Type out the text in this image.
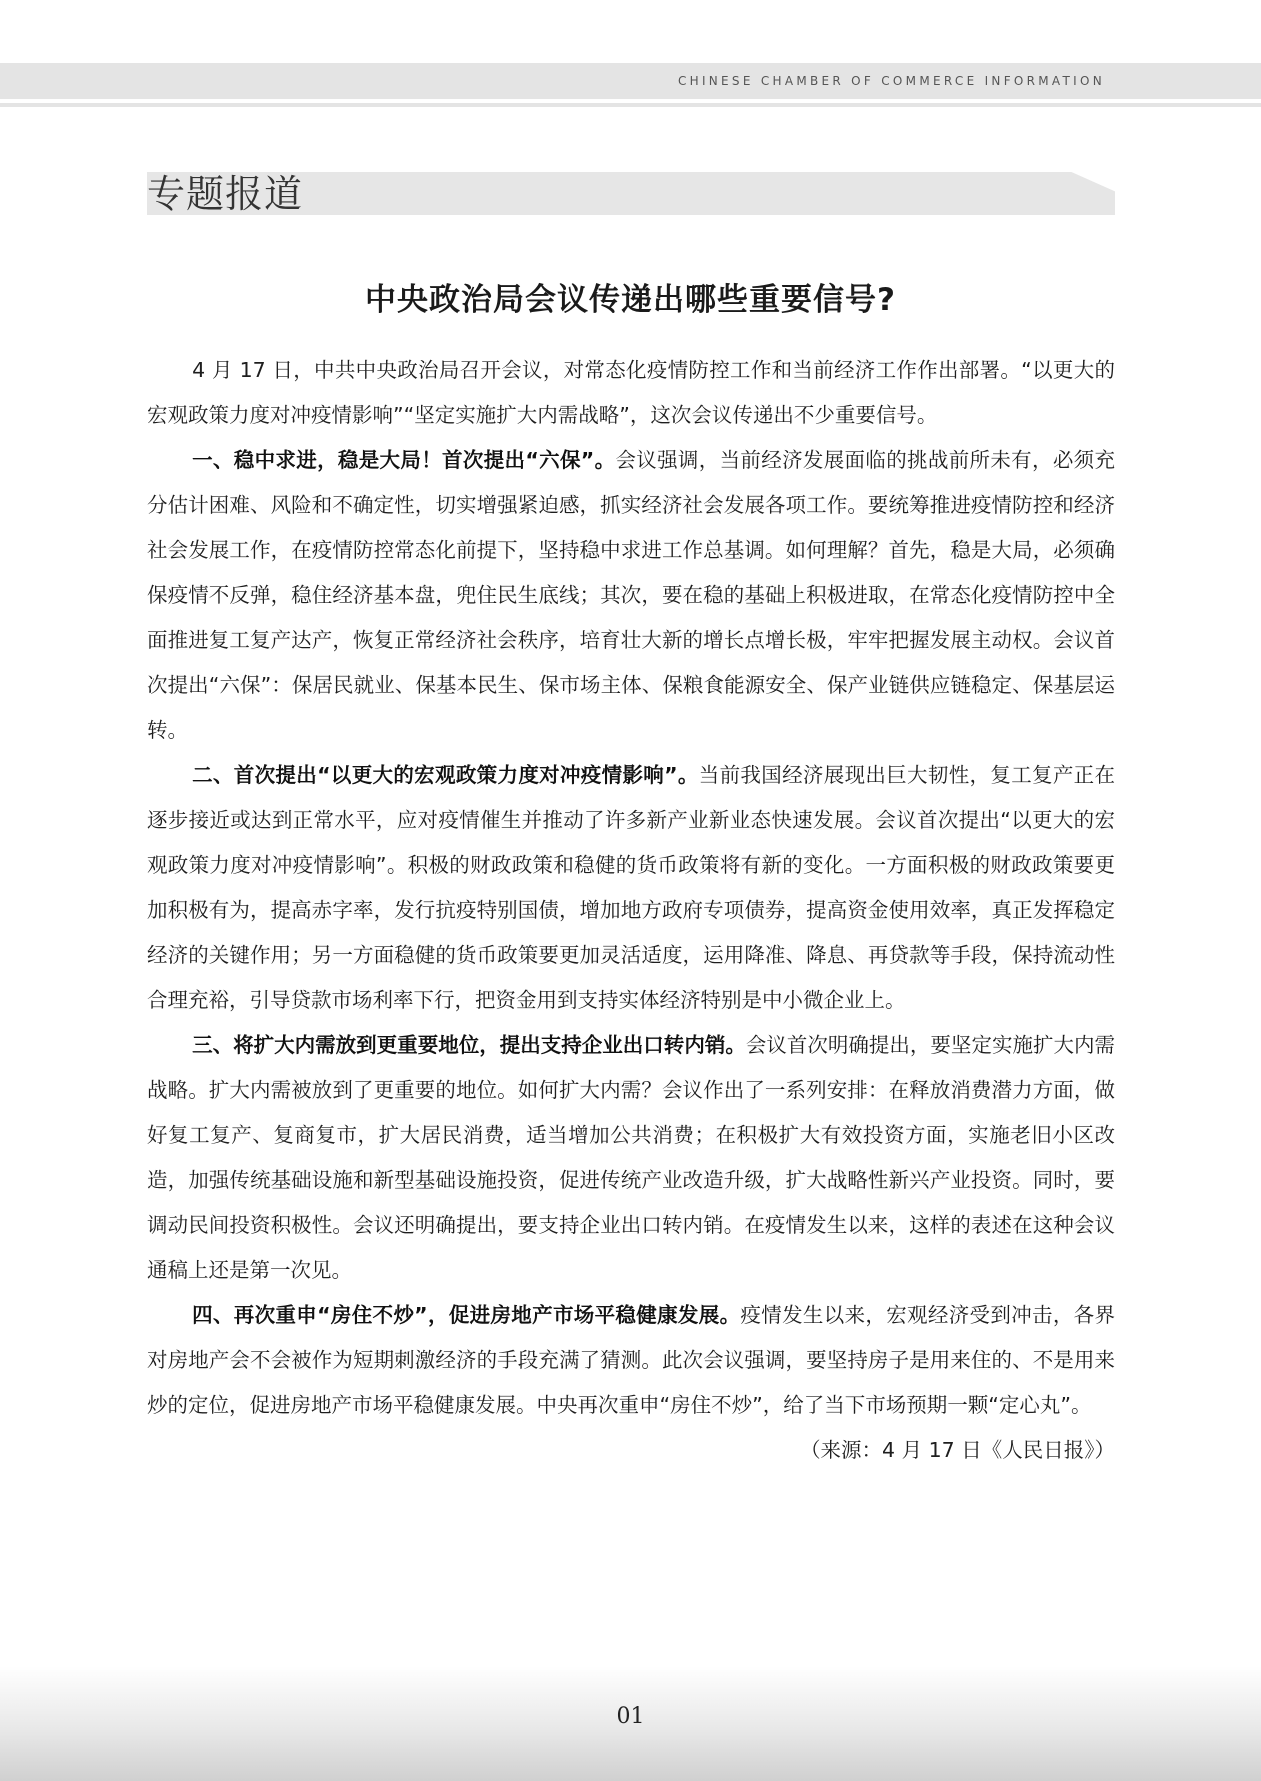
CHINESE CHAMBER OF COMMERCE INFORMATION
专题报道
中央政治局会议传递出哪些重要信号?

4 月 17 日，中共中央政治局召开会议，对常态化疫情防控工作和当前经济工作作出部署。“以更大的宏观政策力度对冲疫情影响”“坚定实施扩大内需战略”，这次会议传递出不少重要信号。

一、稳中求进，稳是大局！首次提出“六保”。会议强调，当前经济发展面临的挑战前所未有，必须充分估计困难、风险和不确定性，切实增强紧迫感，抓实经济社会发展各项工作。要统筹推进疫情防控和经济社会发展工作，在疫情防控常态化前提下，坚持稳中求进工作总基调。如何理解？首先，稳是大局，必须确保疫情不反弹，稳住经济基本盘，兜住民生底线；其次，要在稳的基础上积极进取，在常态化疫情防控中全面推进复工复产达产，恢复正常经济社会秩序，培育壮大新的增长点增长极，牢牢把握发展主动权。会议首次提出“六保”：保居民就业、保基本民生、保市场主体、保粮食能源安全、保产业链供应链稳定、保基层运转。

二、首次提出“以更大的宏观政策力度对冲疫情影响”。当前我国经济展现出巨大韧性，复工复产正在逐步接近或达到正常水平，应对疫情催生并推动了许多新产业新业态快速发展。会议首次提出“以更大的宏观政策力度对冲疫情影响”。积极的财政政策和稳健的货币政策将有新的变化。一方面积极的财政政策要更加积极有为，提高赤字率，发行抗疫特别国债，增加地方政府专项债券，提高资金使用效率，真正发挥稳定经济的关键作用；另一方面稳健的货币政策要更加灵活适度，运用降准、降息、再贷款等手段，保持流动性合理充裕，引导贷款市场利率下行，把资金用到支持实体经济特别是中小微企业上。

三、将扩大内需放到更重要地位，提出支持企业出口转内销。会议首次明确提出，要坚定实施扩大内需战略。扩大内需被放到了更重要的地位。如何扩大内需？会议作出了一系列安排：在释放消费潜力方面，做好复工复产、复商复市，扩大居民消费，适当增加公共消费；在积极扩大有效投资方面，实施老旧小区改造，加强传统基础设施和新型基础设施投资，促进传统产业改造升级，扩大战略性新兴产业投资。同时，要调动民间投资积极性。会议还明确提出，要支持企业出口转内销。在疫情发生以来，这样的表述在这种会议通稿上还是第一次见。

四、再次重申“房住不炒”，促进房地产市场平稳健康发展。疫情发生以来，宏观经济受到冲击，各界对房地产会不会被作为短期刺激经济的手段充满了猜测。此次会议强调，要坚持房子是用来住的、不是用来炒的定位，促进房地产市场平稳健康发展。中央再次重申“房住不炒”，给了当下市场预期一颗“定心丸”。
（来源：4 月 17 日《人民日报》）

01
